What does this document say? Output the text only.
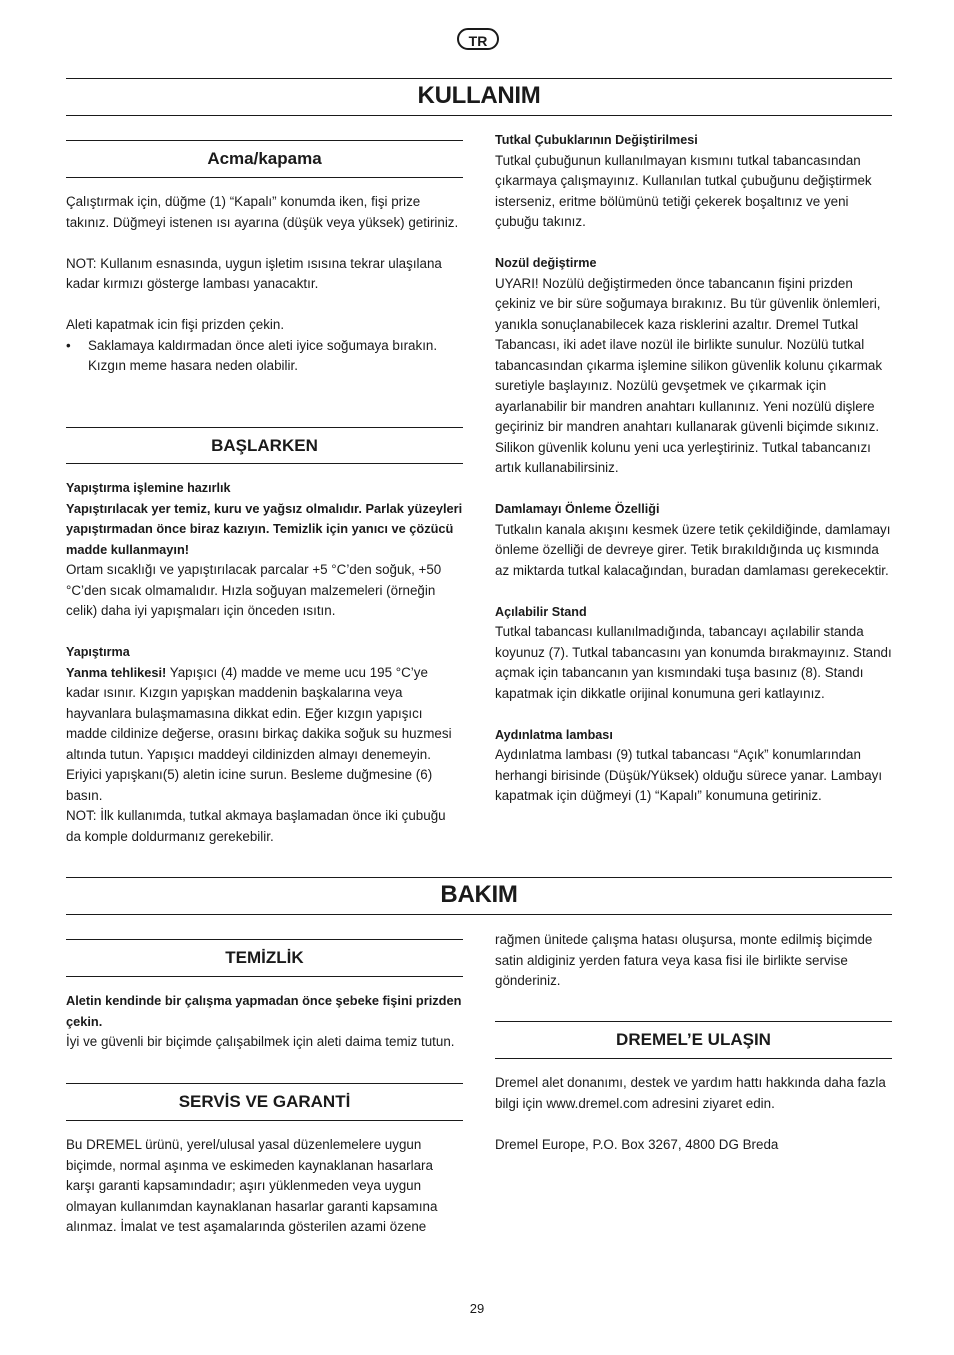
TR
KULLANIM
Acma/kapama

Çalıştırmak için, düğme (1) “Kapalı” konumda iken, fişi prize takınız. Düğmeyi istenen ısı ayarına (düşük veya yüksek) getiriniz.

NOT: Kullanım esnasında, uygun işletim ısısına tekrar ulaşılana kadar kırmızı gösterge lambası yanacaktır.

Aleti kapatmak icin fişi prizden çekin.

• Saklamaya kaldırmadan önce aleti iyice soğumaya bırakın. Kızgın meme hasara neden olabilir.
BAŞLARKEN

Yapıştırma işlemine hazırlık

Yapıştırılacak yer temiz, kuru ve yağsız olmalıdır. Parlak yüzeyleri yapıştırmadan önce biraz kazıyın. Temizlik için yanıcı ve çözücü madde kullanmayın!

Ortam sıcaklığı ve yapıştırılacak parcalar +5 °C’den soğuk, +50 °C’den sıcak olmamalıdır. Hızla soğuyan malzemeleri (örneğin celik) daha iyi yapışmaları için önceden ısıtın.

Yapıştırma

Yanma tehlikesi! Yapışıcı (4) madde ve meme ucu 195 °C’ye kadar ısınır. Kızgın yapışkan maddenin başkalarına veya hayvanlara bulaşmamasına dikkat edin. Eğer kızgın yapışıcı madde cildinize değerse, orasını birkaç dakika soğuk su huzmesi altında tutun. Yapışıcı maddeyi cildinizden almayı denemeyin. Eriyici yapışkanı(5) aletin icine surun. Besleme duğmesine (6) basın.

NOT: İlk kullanımda, tutkal akmaya başlamadan önce iki çubuğu da komple doldurmanız gerekebilir.

Tutkal Çubuklarının Değiştirilmesi

Tutkal çubuğunun kullanılmayan kısmını tutkal tabancasından çıkarmaya çalışmayınız. Kullanılan tutkal çubuğunu değiştirmek isterseniz, eritme bölümünü tetiği çekerek boşaltınız ve yeni çubuğu takınız.

Nozül değiştirme

UYARI! Nozülü değiştirmeden önce tabancanın fişini prizden çekiniz ve bir süre soğumaya bırakınız. Bu tür güvenlik önlemleri, yanıkla sonuçlanabilecek kaza risklerini azaltır. Dremel Tutkal Tabancası, iki adet ilave nozül ile birlikte sunulur. Nozülü tutkal tabancasından çıkarma işlemine silikon güvenlik kolunu çıkarmak suretiyle başlayınız. Nozülü gevşetmek ve çıkarmak için ayarlanabilir bir mandren anahtarı kullanınız. Yeni nozülü dişlere geçiriniz bir mandren anahtarı kullanarak güvenli biçimde sıkınız. Silikon güvenlik kolunu yeni uca yerleştiriniz. Tutkal tabancanızı artık kullanabilirsiniz.

Damlamayı Önleme Özelliği

Tutkalın kanala akışını kesmek üzere tetik çekildiğinde, damlamayı önleme özelliği de devreye girer. Tetik bırakıldığında uç kısmında az miktarda tutkal kalacağından, buradan damlaması gerekecektir.

Açılabilir Stand

Tutkal tabancası kullanılmadığında, tabancayı açılabilir standa koyunuz (7). Tutkal tabancasını yan konumda bırakmayınız. Standı açmak için tabancanın yan kısmındaki tuşa basınız (8). Standı kapatmak için dikkatle orijinal konumuna geri katlayınız.

Aydınlatma lambası

Aydınlatma lambası (9) tutkal tabancası “Açık” konumlarından herhangi birisinde (Düşük/Yüksek) olduğu sürece yanar. Lambayı kapatmak için düğmeyi (1) “Kapalı” konumuna getiriniz.

BAKIM
TEMİZLİK

Aletin kendinde bir çalışma yapmadan önce şebeke fişini prizden çekin.

İyi ve güvenli bir biçimde çalışabilmek için aleti daima temiz tutun.

SERVİS VE GARANTİ

Bu DREMEL ürünü, yerel/ulusal yasal düzenlemelere uygun biçimde, normal aşınma ve eskimeden kaynaklanan hasarlara karşı garanti kapsamındadır; aşırı yüklenmeden veya uygun olmayan kullanımdan kaynaklanan hasarlar garanti kapsamına alınmaz. İmalat ve test aşamalarında gösterilen azami özene

rağmen ünitede çalışma hatası oluşursa, monte edilmiş biçimde satin aldiginiz yerden fatura veya kasa fisi ile birlikte servise gönderiniz.

DREMEL’E ULAŞIN

Dremel alet donanımı, destek ve yardım hattı hakkında daha fazla bilgi için www.dremel.com adresini ziyaret edin.

Dremel Europe, P.O. Box 3267, 4800 DG Breda

29
